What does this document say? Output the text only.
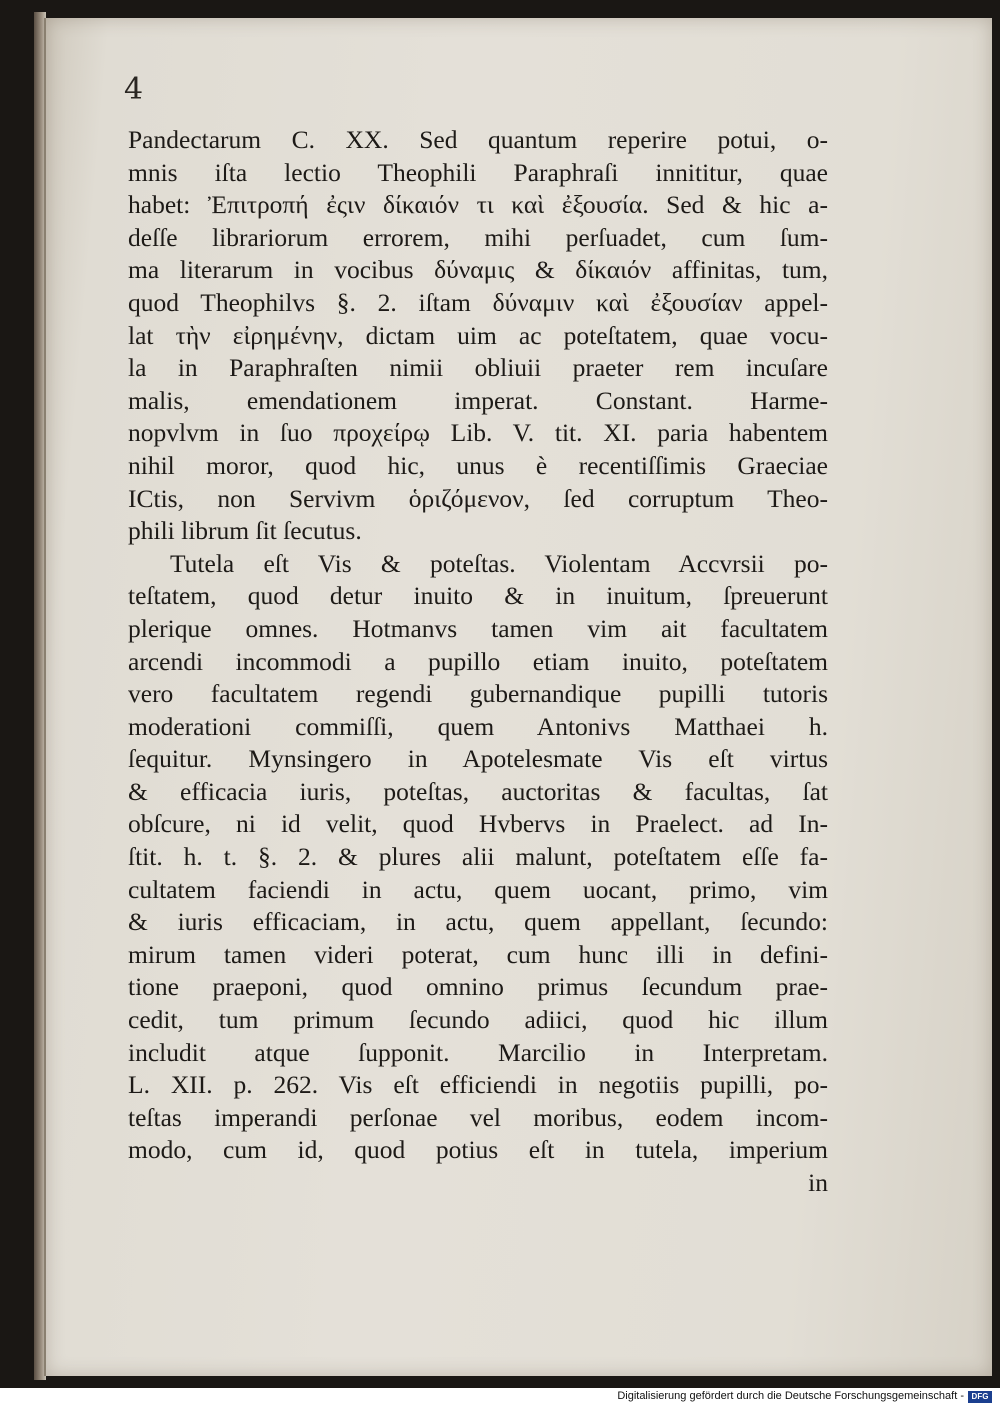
4
Pandectarum C. XX. Sed quantum reperire potui, o-
mnis iſta lectio Theophili Paraphraſi innititur, quae
habet: Ἐπιτροπή ἐςιν δίκαιόν τι καὶ ἐξουσία. Sed & hic a-
deſſe librariorum errorem, mihi perſuadet, cum ſum-
ma literarum in vocibus δύναμις & δίκαιόν affinitas, tum,
quod Theophilvs §. 2. iſtam δύναμιν καὶ ἐξουσίαν appel-
lat τὴν εἰρημένην, dictam uim ac poteſtatem, quae vocu-
la in Paraphraſten nimii obliuii praeter rem incuſare
malis, emendationem imperat. Constant. Harme-
nopvlvm in ſuo προχείρῳ Lib. V. tit. XI. paria habentem
nihil moror, quod hic, unus è recentiſſimis Graeciae
ICtis, non Servivm ὁριζόμενον, ſed corruptum Theo-
phili librum ſit ſecutus.
Tutela eſt Vis & poteſtas. Violentam Accvrsii po-
teſtatem, quod detur inuito & in inuitum, ſpreuerunt
plerique omnes. Hotmanvs tamen vim ait facultatem
arcendi incommodi a pupillo etiam inuito, poteſtatem
vero facultatem regendi gubernandique pupilli tutoris
moderationi commiſſi, quem Antonivs Matthaei h.
ſequitur. Mynsingero in Apotelesmate Vis eſt virtus
& efficacia iuris, poteſtas, auctoritas & facultas, ſat
obſcure, ni id velit, quod Hvbervs in Praelect. ad In-
ſtit. h. t. §. 2. & plures alii malunt, poteſtatem eſſe fa-
cultatem faciendi in actu, quem uocant, primo, vim
& iuris efficaciam, in actu, quem appellant, ſecundo:
mirum tamen videri poterat, cum hunc illi in defini-
tione praeponi, quod omnino primus ſecundum prae-
cedit, tum primum ſecundo adiici, quod hic illum
includit atque ſupponit. Marcilio in Interpretam.
L. XII. p. 262. Vis eſt efficiendi in negotiis pupilli, po-
teſtas imperandi perſonae vel moribus, eodem incom-
modo, cum id, quod potius eſt in tutela, imperium
in
Digitalisierung gefördert durch die Deutsche Forschungsgemeinschaft - DFG
